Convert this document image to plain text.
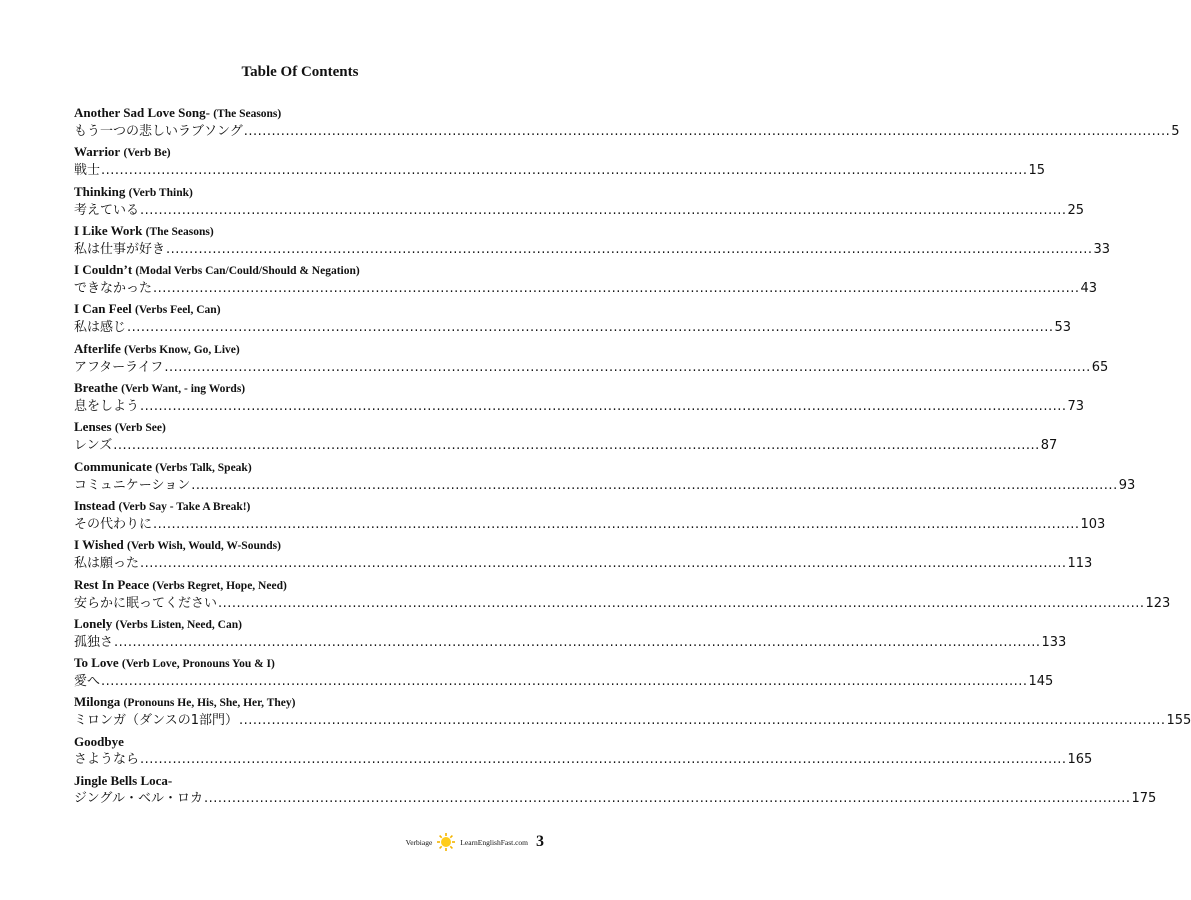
Table Of Contents
Another Sad Love Song- (The Seasons)
もう一つの悲しいラブソング ........................................................................................................................................................................................................ 5
Warrior (Verb Be)
戦士 ........................................................................................................................................................................................................ 15
Thinking (Verb Think)
考えている ........................................................................................................................................................................................................ 25
I Like Work (The Seasons)
私は仕事が好き ........................................................................................................................................................................................................ 33
I Couldn’t (Modal Verbs Can/Could/Should & Negation)
できなかった ........................................................................................................................................................................................................ 43
I Can Feel (Verbs Feel, Can)
私は感じ ........................................................................................................................................................................................................ 53
Afterlife (Verbs Know, Go, Live)
アフターライフ ........................................................................................................................................................................................................ 65
Breathe (Verb Want, - ing Words)
息をしよう ........................................................................................................................................................................................................ 73
Lenses (Verb See)
レンズ ........................................................................................................................................................................................................ 87
Communicate (Verbs Talk, Speak)
コミュニケーション ........................................................................................................................................................................................................ 93
Instead (Verb Say - Take A Break!)
その代わりに ........................................................................................................................................................................................................ 103
I Wished (Verb Wish, Would, W-Sounds)
私は願った ........................................................................................................................................................................................................ 113
Rest In Peace (Verbs Regret, Hope, Need)
安らかに眠ってください ........................................................................................................................................................................................................ 123
Lonely (Verbs Listen, Need, Can)
孤独さ ........................................................................................................................................................................................................ 133
To Love (Verb Love, Pronouns You & I)
愛へ ........................................................................................................................................................................................................ 145
Milonga (Pronouns He, His, She, Her, They)
ミロンガ（ダンスの1部門） ........................................................................................................................................................................................................ 155
Goodbye
さようなら ........................................................................................................................................................................................................ 165
Jingle Bells Loca-
ジングル・ベル・ロカ ........................................................................................................................................................................................................ 175
Verbiage	LearnEnglishFast.com 3
